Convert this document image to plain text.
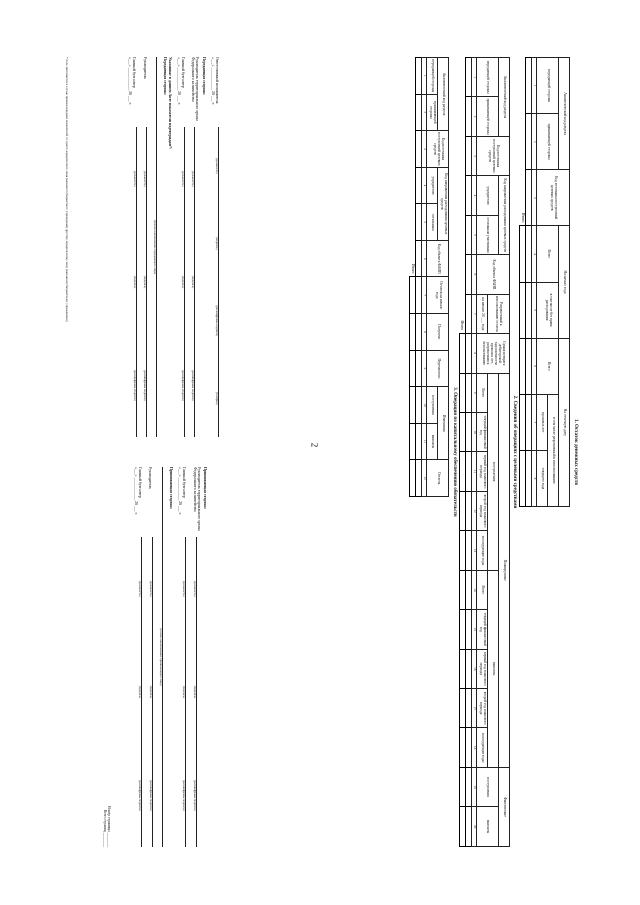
2	1. Остаток денежных средств
Аналитический код раздела		Код источника поступлений целевых средств	На начало года		На отчетную дату		
передающей стороны	принимающей стороны		Всего	в том числе без права расходования	Всего	в том числе разрешенный к использованию	
						прошлых лет	текущего года
1	2	3	4	5	6	7	8

Итого							
2. Сведения об операциях с целевыми средствами
Аналитический код раздела		Код источника поступлений целевых средств	Код направления расходования целевых средств		Код объекта ФАИП	Разрешенный к использованию остаток	Сумма возврата дебиторской задолженности прошлых лет, разрешенная к использованию	Планируемые										Фактические	
передающей стороны	принимающей стороны		учредителю	остальным участникам				поступления					выплаты					поступления	выплаты
						на начало 20 ___ года		Всего	текущий финансовый год	первый год планового периода	второй год планового периода	последующие годы	Всего	текущий финансовый год	первый год планового периода	второй год планового периода	последующие годы		
1	2	3	4	5	6	7	8	9	10	11	12	13	14	15	16	17	18	19	20

Итого																			
3. Операции по капитальному обеспечению обязательств
Аналитический код раздела		Код источника поступлений целевых средств	Код направления расходования целевых средств		Код объекта ФАИП	Остаток на начало года	Получено	Перечислено	Изменения		Остаток
передающей стороны	принимающей стороны		учредителю	остальным					поступления	выплаты	
1	2	3	4	5	6	7	8	9	10	11	12

Итого											
Ответственный исполнитель
(должность)
(подпись)
(расшифровка подписи)
(телефон)
«___» ____________ 20 ___ г.
Передающая сторона:
Руководитель территориального органа Федерального казначейства
(должность)
(подпись)
(расшифровка подписи)
Главный бухгалтер
(должность)
(подпись)
(расшифровка подписи)
«___» ____________ 20 ___ г.
Указанные в данном Акте показатели подтверждаю*:
Передающая сторона:
(полное наименование передающего лица)
Руководитель
(должность)
(подпись)
(расшифровка подписи)
Главный бухгалтер
(должность)
(подпись)
(расшифровка подписи)
«___» ____________ 20 ___ г.
Принимающая сторона:
Руководитель территориального органа Федерального казначейства
(должность)
(подпись)
(расшифровка подписи)
Главный бухгалтер
(должность)
(подпись)
(расшифровка подписи)
«___» ____________ 20 ___ г.
Принимающая сторона:
(полное наименование принимающего лица)
Руководитель
(должность)
(подпись)
(расшифровка подписи)
Главный бухгалтер
(должность)
(подпись)
(расшифровка подписи)
«___» ____________ 20 ___ г.
Номер страницы ________
Всего страниц ________
* поле заполняется в случае приема-передачи показателей от одного юридического лица (казенного/бюджетного учреждения) другому юридическому лицу (казенному/бюджетному учреждению)
